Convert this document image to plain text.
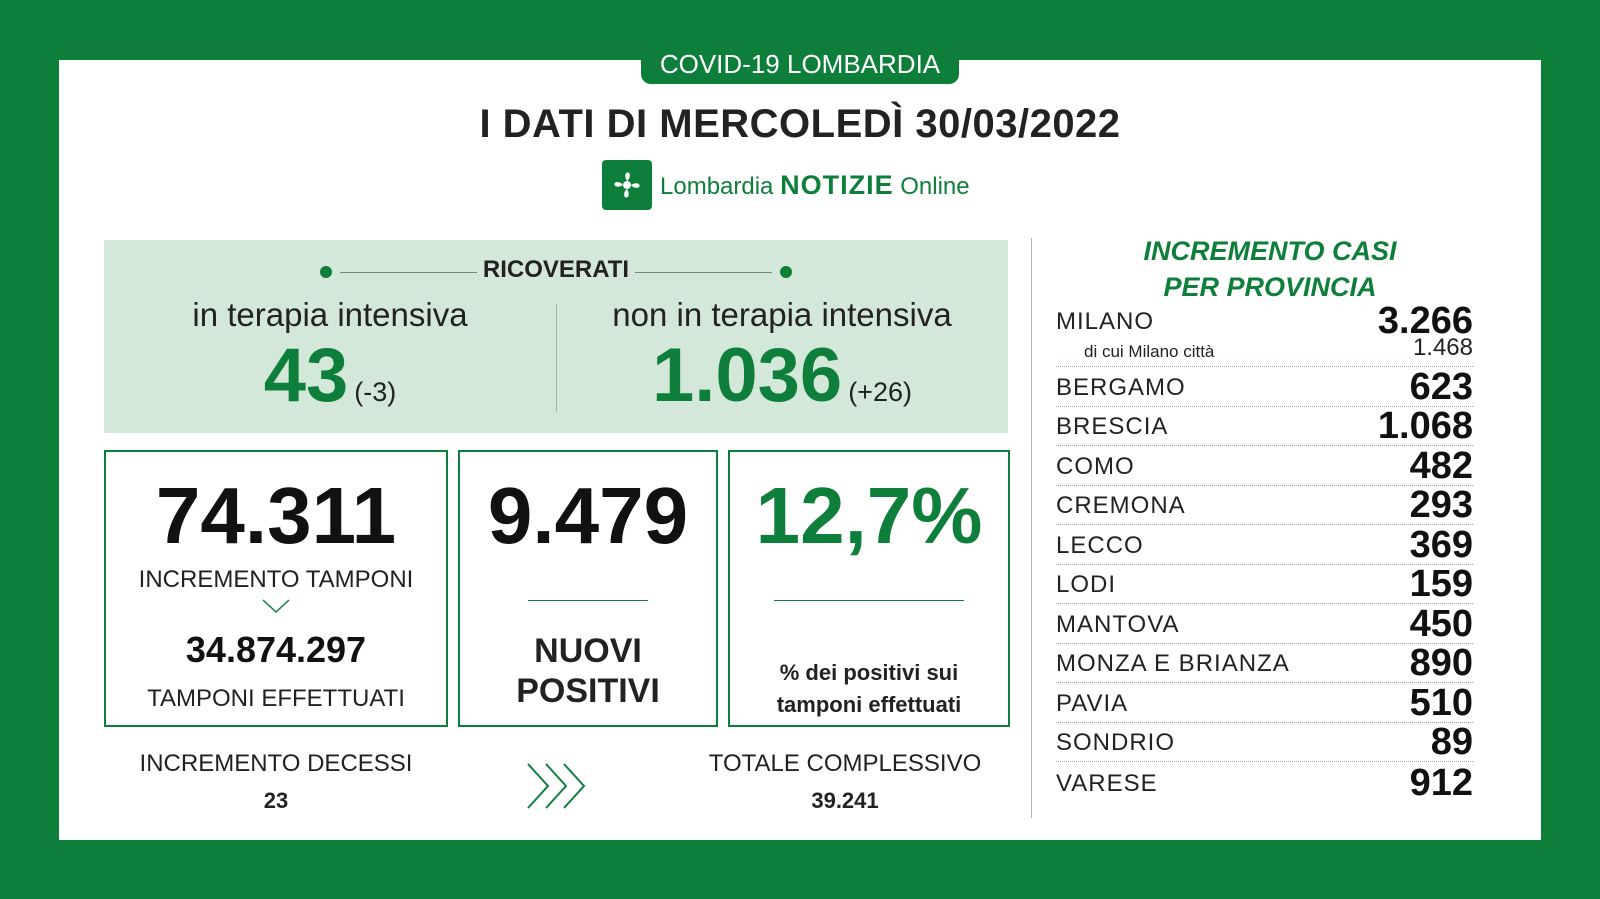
COVID-19 LOMBARDIA
I DATI DI MERCOLEDÌ 30/03/2022
Lombardia NOTIZIE Online
RICOVERATI
in terapia intensiva
43 (-3)
non in terapia intensiva
1.036 (+26)
74.311
INCREMENTO TAMPONI
34.874.297
TAMPONI EFFETTUATI
9.479
NUOVI
POSITIVI
12,7%
% dei positivi sui
tamponi effettuati
INCREMENTO DECESSI
23
TOTALE COMPLESSIVO
39.241
INCREMENTO CASI
PER PROVINCIA
MILANO	3.266
di cui Milano città	1.468
BERGAMO	623
BRESCIA	1.068
COMO	482
CREMONA	293
LECCO	369
LODI	159
MANTOVA	450
MONZA E BRIANZA	890
PAVIA	510
SONDRIO	89
VARESE	912
